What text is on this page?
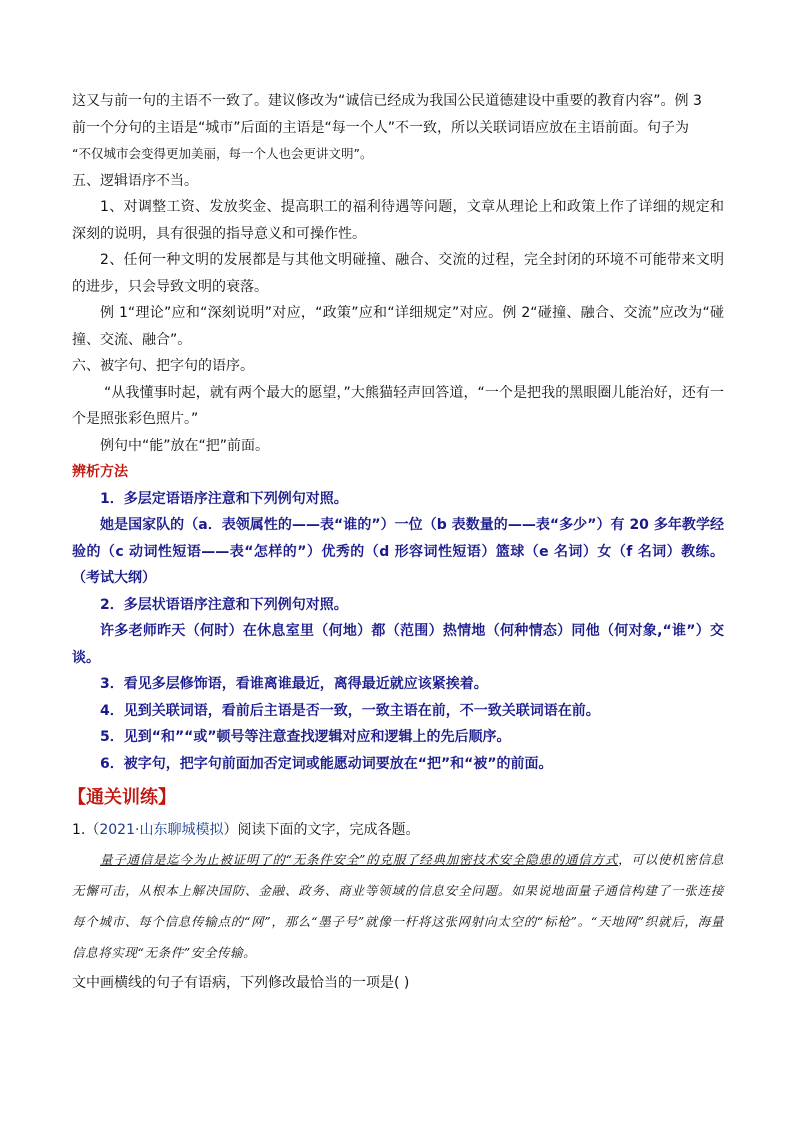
这又与前一句的主语不一致了。建议修改为“诚信已经成为我国公民道德建设中重要的教育内容”。例 3

前一个分句的主语是“城市”后面的主语是“每一个人”不一致，所以关联词语应放在主语前面。句子为

“不仅城市会变得更加美丽，每一个人也会更讲文明”。

五、逻辑语序不当。

1、对调整工资、发放奖金、提高职工的福利待遇等问题，文章从理论上和政策上作了详细的规定和深刻的说明，具有很强的指导意义和可操作性。

2、任何一种文明的发展都是与其他文明碰撞、融合、交流的过程，完全封闭的环境不可能带来文明的进步，只会导致文明的衰落。

例 1“理论”应和“深刻说明”对应，“政策”应和“详细规定”对应。例 2“碰撞、融合、交流”应改为“碰撞、交流、融合”。

六、被字句、把字句的语序。

“从我懂事时起，就有两个最大的愿望，”大熊猫轻声回答道，“一个是把我的黑眼圈儿能治好，还有一个是照张彩色照片。”

例句中“能”放在“把”前面。

辨析方法

1．多层定语语序注意和下列例句对照。

她是国家队的（a．表领属性的——表“谁的”）一位（b 表数量的——表“多少”）有 20 多年教学经验的（c 动词性短语——表“怎样的”）优秀的（d 形容词性短语）篮球（e 名词）女（f 名词）教练。（考试大纲）

2．多层状语语序注意和下列例句对照。

许多老师昨天（何时）在休息室里（何地）都（范围）热情地（何种情态）同他（何对象,“谁”）交谈。

3．看见多层修饰语，看谁离谁最近，离得最近就应该紧挨着。

4．见到关联词语，看前后主语是否一致，一致主语在前，不一致关联词语在前。

5．见到“和”“或”顿号等注意查找逻辑对应和逻辑上的先后顺序。

6．被字句，把字句前面加否定词或能愿动词要放在“把”和“被”的前面。

【通关训练】

1.（2021·山东聊城模拟）阅读下面的文字，完成各题。

量子通信是迄今为止被证明了的“无条件安全”的克服了经典加密技术安全隐患的通信方式，可以使机密信息无懈可击，从根本上解决国防、金融、政务、商业等领域的信息安全问题。如果说地面量子通信构建了一张连接每个城市、每个信息传输点的“网”，那么“墨子号”就像一杆将这张网射向太空的“标枪”。“天地网”织就后，海量信息将实现“无条件”安全传输。

文中画横线的句子有语病，下列修改最恰当的一项是( )
